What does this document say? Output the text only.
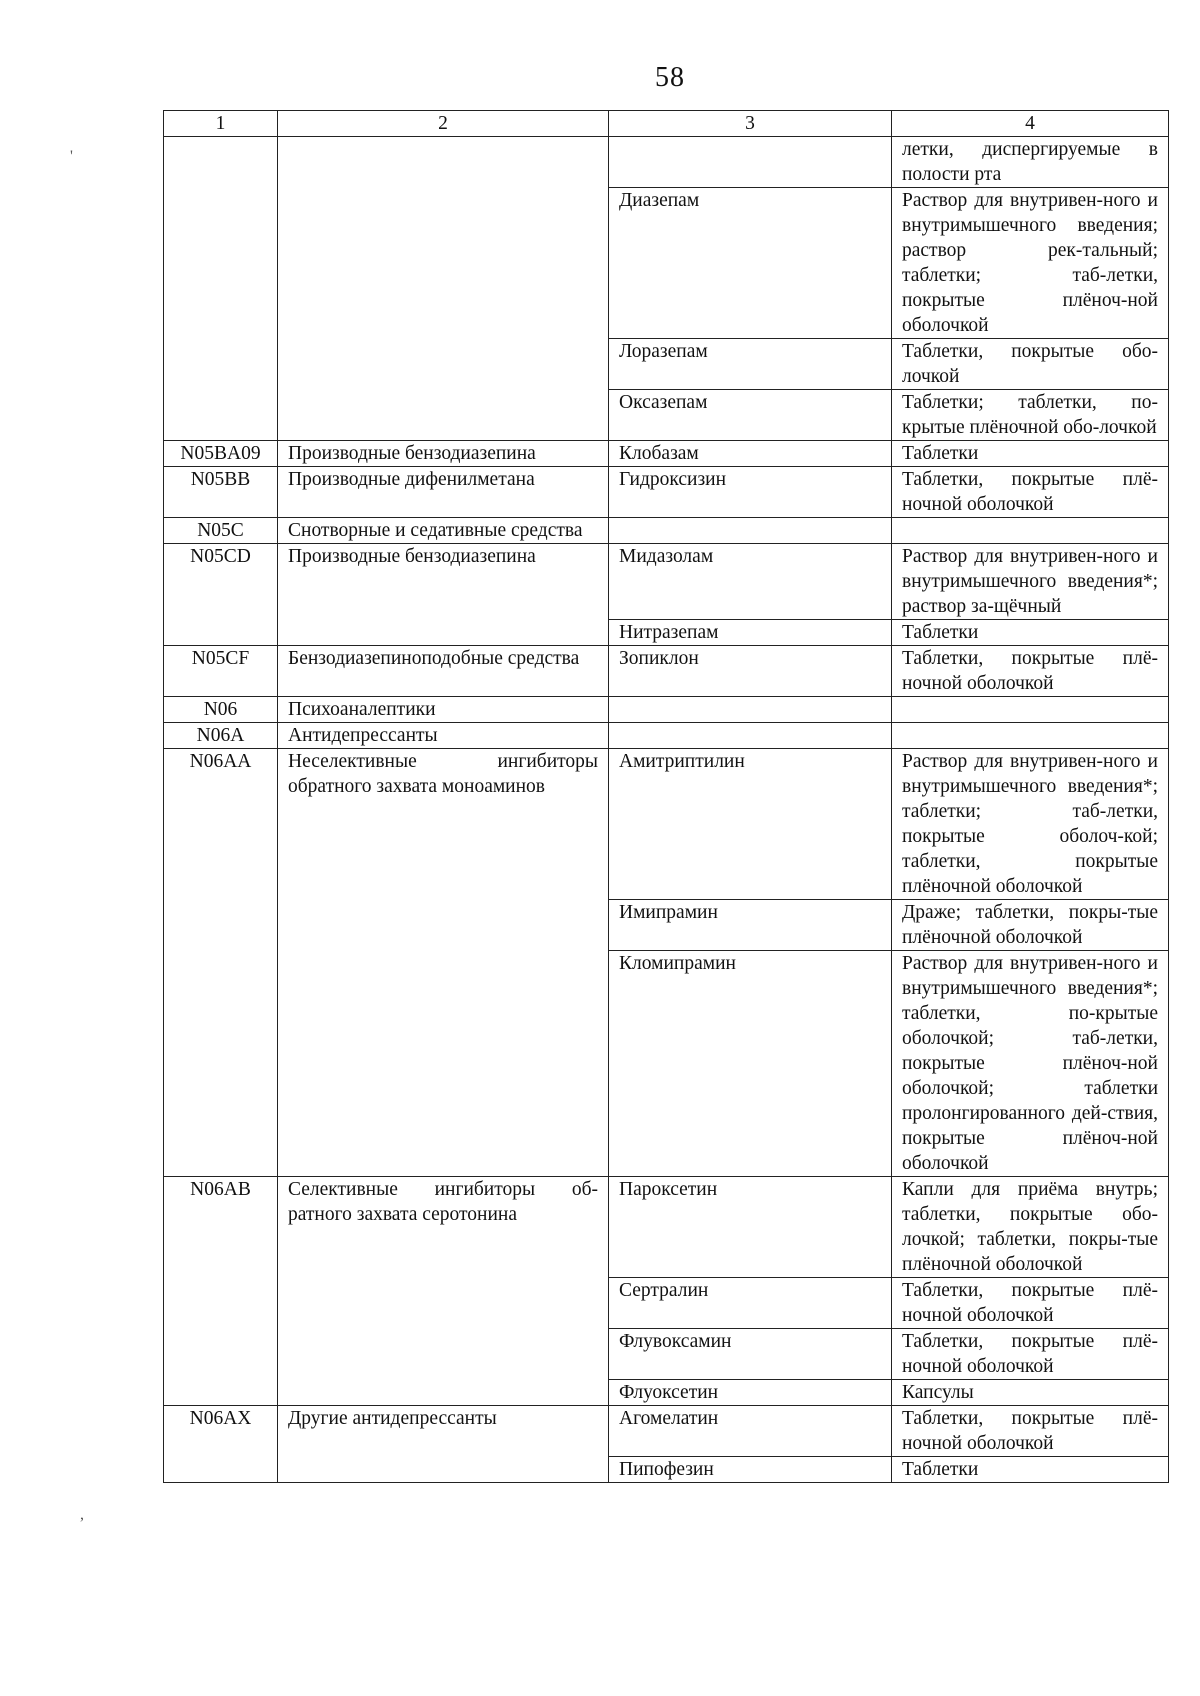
58
1	2	3	4
			летки, диспергируемые в полости рта
		Диазепам	Раствор для внутривен-ного и внутримышечного введения; раствор рек-тальный; таблетки; таб-летки, покрытые плёноч-ной оболочкой
		Лоразепам	Таблетки, покрытые обо-лочкой
		Оксазепам	Таблетки; таблетки, по-крытые плёночной обо-лочкой
N05BA09	Производные бензодиазепина	Клобазам	Таблетки
N05BB	Производные дифенилметана	Гидроксизин	Таблетки, покрытые плё-ночной оболочкой
N05C	Снотворные и седативные средства		
N05CD	Производные бензодиазепина	Мидазолам	Раствор для внутривен-ного и внутримышечного введения*; раствор за-щёчный
		Нитразепам	Таблетки
N05CF	Бензодиазепиноподобные средства	Зопиклон	Таблетки, покрытые плё-ночной оболочкой
N06	Психоаналептики		
N06A	Антидепрессанты		
N06AA	Неселективные ингибиторы обратного захвата моноаминов	Амитриптилин	Раствор для внутривен-ного и внутримышечного введения*; таблетки; таб-летки, покрытые оболоч-кой; таблетки, покрытые плёночной оболочкой
		Имипрамин	Драже; таблетки, покры-тые плёночной оболочкой
		Кломипрамин	Раствор для внутривен-ного и внутримышечного введения*; таблетки, по-крытые оболочкой; таб-летки, покрытые плёноч-ной оболочкой; таблетки пролонгированного дей-ствия, покрытые плёноч-ной оболочкой
N06AB	Селективные ингибиторы об-ратного захвата серотонина	Пароксетин	Капли для приёма внутрь; таблетки, покрытые обо-лочкой; таблетки, покры-тые плёночной оболочкой
		Сертралин	Таблетки, покрытые плё-ночной оболочкой
		Флувоксамин	Таблетки, покрытые плё-ночной оболочкой
		Флуоксетин	Капсулы
N06AX	Другие антидепрессанты	Агомелатин	Таблетки, покрытые плё-ночной оболочкой
		Пипофезин	Таблетки
'
,
